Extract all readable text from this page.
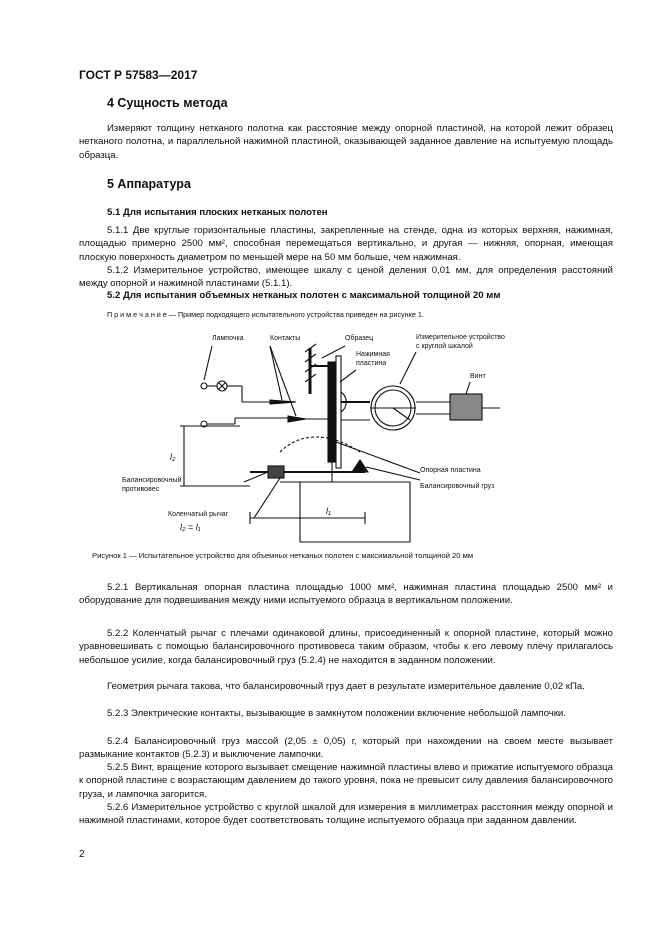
ГОСТ Р 57583—2017
4 Сущность метода

Измеряют толщину нетканого полотна как расстояние между опорной пластиной, на которой лежит образец нетканого полотна, и параллельной нажимной пластиной, оказывающей заданное давление на испытуемую площадь образца.

5 Аппаратура
5.1 Для испытания плоских нетканых полотен

5.1.1 Две круглые горизонтальные пластины, закрепленные на стенде, одна из которых верхняя, нажимная, площадью примерно 2500 мм², способная перемещаться вертикально, и другая — нижняя, опорная, имеющая плоскую поверхность диаметром по меньшей мере на 50 мм больше, чем нажимная.

5.1.2 Измерительное устройство, имеющее шкалу с ценой деления 0,01 мм, для определения расстояний между опорной и нажимной пластинами (5.1.1).

5.2 Для испытания объемных нетканых полотен с максимальной толщиной 20 мм
П р и м е ч а н и е — Пример подходящего испытательного устройства приведен на рисунке 1.
Лампочка	Контакты	Образец
Нажимная
пластина
Измерительное устройство
с круглой шкалой
Винт
Опорная пластина
Балансировочный груз
Балансировочный
противовес
Коленчатый рычаг
l₂ = l₁
l₁
l₂
Рисунок 1 — Испытательное устройство для объемных нетканых полотен с максимальной толщиной 20 мм

5.2.1 Вертикальная опорная пластина площадью 1000 мм², нажимная пластина площадью 2500 мм² и оборудование для подвешивания между ними испытуемого образца в вертикальном положении.

5.2.2 Коленчатый рычаг с плечами одинаковой длины, присоединенный к опорной пластине, который можно уравновешивать с помощью балансировочного противовеса таким образом, чтобы к его левому плечу прилагалось небольшое усилие, когда балансировочный груз (5.2.4) не находится в заданном положении.

Геометрия рычага такова, что балансировочный груз дает в результате измерительное давление 0,02 кПа.

5.2.3 Электрические контакты, вызывающие в замкнутом положении включение небольшой лампочки.

5.2.4 Балансировочный груз массой (2,05 ± 0,05) г, который при нахождении на своем месте вызывает размыкание контактов (5.2.3) и выключение лампочки.

5.2.5 Винт, вращение которого вызывает смещение нажимной пластины влево и прижатие испытуемого образца к опорной пластине с возрастающим давлением до такого уровня, пока не превысит силу давления балансировочного груза, и лампочка загорится.

5.2.6 Измерительное устройство с круглой шкалой для измерения в миллиметрах расстояния между опорной и нажимной пластинами, которое будет соответствовать толщине испытуемого образца при заданном давлении.

2
